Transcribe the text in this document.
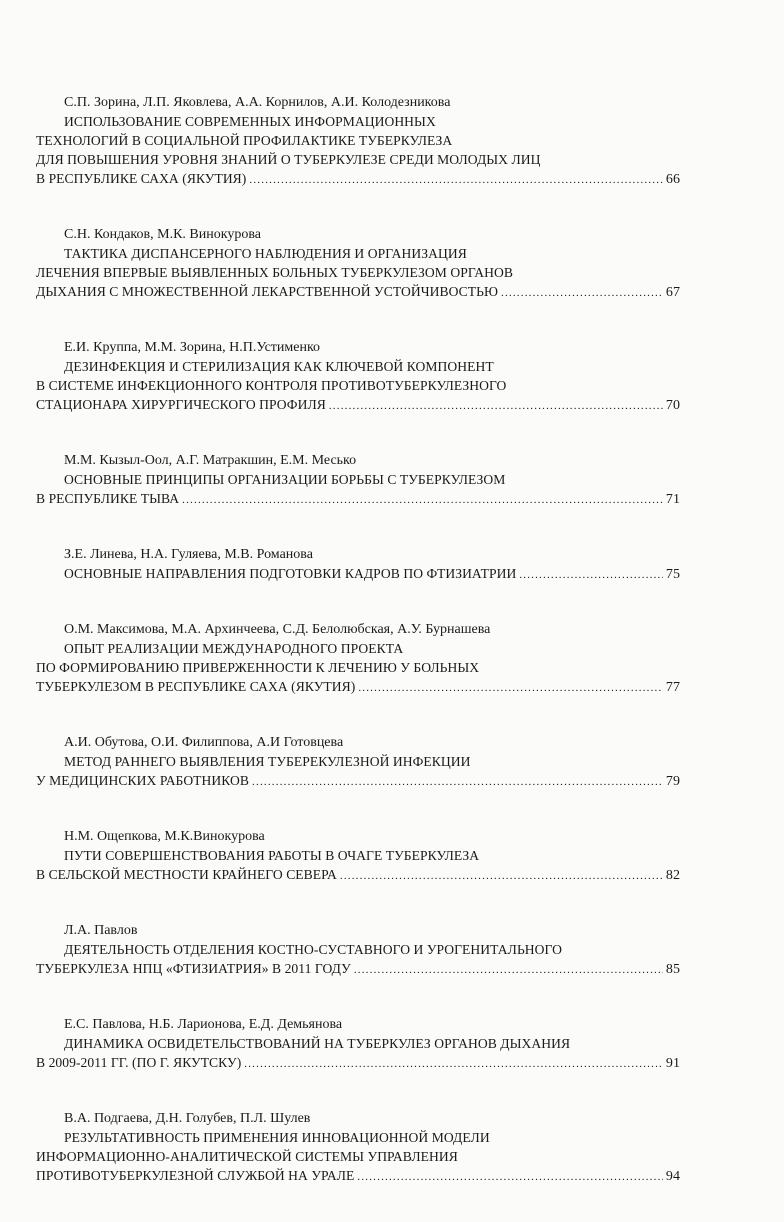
С.П. Зорина, Л.П. Яковлева, А.А. Корнилов, А.И. Колодезникова
ИСПОЛЬЗОВАНИЕ СОВРЕМЕННЫХ ИНФОРМАЦИОННЫХ
ТЕХНОЛОГИЙ В СОЦИАЛЬНОЙ ПРОФИЛАКТИКЕ ТУБЕРКУЛЕЗА
ДЛЯ ПОВЫШЕНИЯ УРОВНЯ ЗНАНИЙ О ТУБЕРКУЛЕЗЕ СРЕДИ МОЛОДЫХ ЛИЦ
В РЕСПУБЛИКЕ САХА (ЯКУТИЯ) .....	66
С.Н. Кондаков, М.К. Винокурова
ТАКТИКА ДИСПАНСЕРНОГО НАБЛЮДЕНИЯ И ОРГАНИЗАЦИЯ
ЛЕЧЕНИЯ ВПЕРВЫЕ ВЫЯВЛЕННЫХ БОЛЬНЫХ ТУБЕРКУЛЕЗОМ ОРГАНОВ
ДЫХАНИЯ С МНОЖЕСТВЕННОЙ ЛЕКАРСТВЕННОЙ УСТОЙЧИВОСТЬЮ .....	67
Е.И. Круппа, М.М. Зорина, Н.П.Устименко
ДЕЗИНФЕКЦИЯ И СТЕРИЛИЗАЦИЯ КАК КЛЮЧЕВОЙ КОМПОНЕНТ
В СИСТЕМЕ ИНФЕКЦИОННОГО КОНТРОЛЯ ПРОТИВОТУБЕРКУЛЕЗНОГО
СТАЦИОНАРА ХИРУРГИЧЕСКОГО ПРОФИЛЯ .....	70
М.М. Кызыл-Оол, А.Г. Матракшин, Е.М. Месько
ОСНОВНЫЕ ПРИНЦИПЫ ОРГАНИЗАЦИИ БОРЬБЫ С ТУБЕРКУЛЕЗОМ
В РЕСПУБЛИКЕ ТЫВА .....	71
З.Е. Линева, Н.А. Гуляева, М.В. Романова
ОСНОВНЫЕ НАПРАВЛЕНИЯ ПОДГОТОВКИ КАДРОВ ПО ФТИЗИАТРИИ .....	75
О.М. Максимова, М.А. Архинчеева, С.Д. Белолюбская, А.У. Бурнашева
ОПЫТ РЕАЛИЗАЦИИ МЕЖДУНАРОДНОГО ПРОЕКТА
ПО ФОРМИРОВАНИЮ ПРИВЕРЖЕННОСТИ К ЛЕЧЕНИЮ У БОЛЬНЫХ
ТУБЕРКУЛЕЗОМ В РЕСПУБЛИКЕ САХА (ЯКУТИЯ) .....	77
А.И. Обутова, О.И. Филиппова, А.И Готовцева
МЕТОД РАННЕГО ВЫЯВЛЕНИЯ ТУБЕРЕКУЛЕЗНОЙ ИНФЕКЦИИ
У МЕДИЦИНСКИХ РАБОТНИКОВ .....	79
Н.М. Ощепкова, М.К.Винокурова
ПУТИ СОВЕРШЕНСТВОВАНИЯ РАБОТЫ В ОЧАГЕ ТУБЕРКУЛЕЗА
В СЕЛЬСКОЙ МЕСТНОСТИ КРАЙНЕГО СЕВЕРА .....	82
Л.А. Павлов
ДЕЯТЕЛЬНОСТЬ ОТДЕЛЕНИЯ КОСТНО-СУСТАВНОГО И УРОГЕНИТАЛЬНОГО
ТУБЕРКУЛЕЗА НПЦ «ФТИЗИАТРИЯ» В 2011 ГОДУ .....	85
Е.С. Павлова, Н.Б. Ларионова, Е.Д. Демьянова
ДИНАМИКА ОСВИДЕТЕЛЬСТВОВАНИЙ НА ТУБЕРКУЛЕЗ ОРГАНОВ ДЫХАНИЯ
В 2009-2011 ГГ. (ПО Г. ЯКУТСКУ) .....	91
В.А. Подгаева, Д.Н. Голубев, П.Л. Шулев
РЕЗУЛЬТАТИВНОСТЬ ПРИМЕНЕНИЯ ИННОВАЦИОННОЙ МОДЕЛИ
ИНФОРМАЦИОННО-АНАЛИТИЧЕСКОЙ СИСТЕМЫ УПРАВЛЕНИЯ
ПРОТИВОТУБЕРКУЛЕЗНОЙ СЛУЖБОЙ НА УРАЛЕ .....	94
